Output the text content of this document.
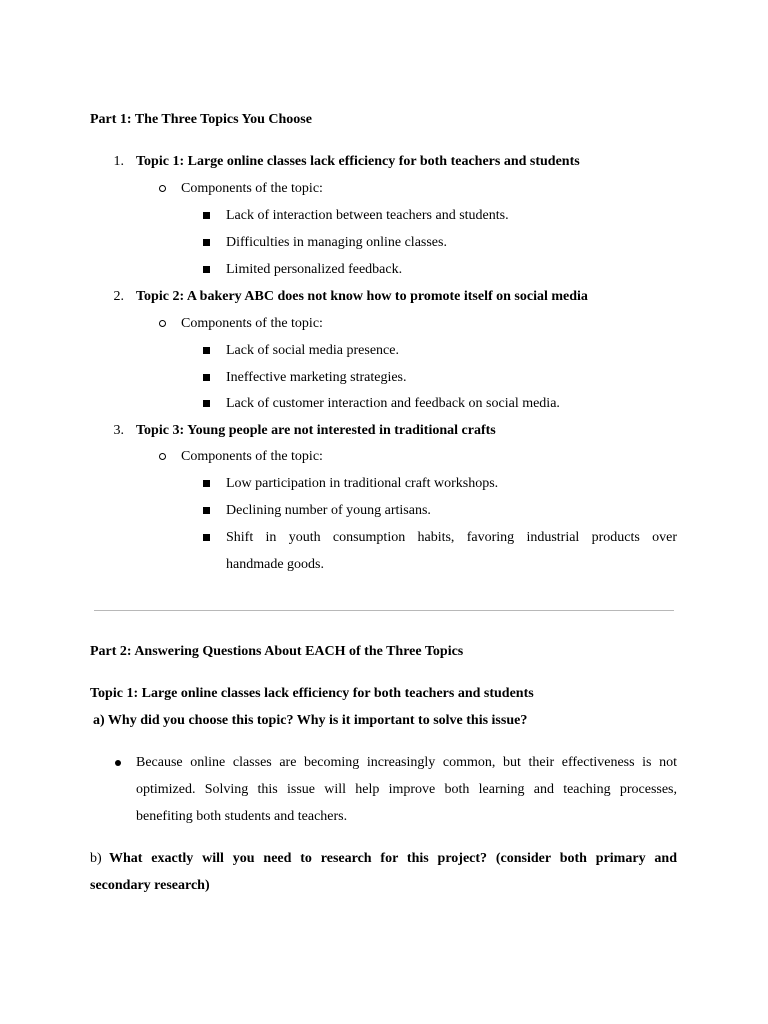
Part 1: The Three Topics You Choose
1. Topic 1: Large online classes lack efficiency for both teachers and students
Components of the topic:
Lack of interaction between teachers and students.
Difficulties in managing online classes.
Limited personalized feedback.
2. Topic 2: A bakery ABC does not know how to promote itself on social media
Components of the topic:
Lack of social media presence.
Ineffective marketing strategies.
Lack of customer interaction and feedback on social media.
3. Topic 3: Young people are not interested in traditional crafts
Components of the topic:
Low participation in traditional craft workshops.
Declining number of young artisans.
Shift in youth consumption habits, favoring industrial products over
handmade goods.
Part 2: Answering Questions About EACH of the Three Topics
Topic 1: Large online classes lack efficiency for both teachers and students
a) Why did you choose this topic? Why is it important to solve this issue?
Because online classes are becoming increasingly common, but their effectiveness is not
optimized. Solving this issue will help improve both learning and teaching processes,
benefiting both students and teachers.
b) What exactly will you need to research for this project? (consider both primary and
secondary research)
